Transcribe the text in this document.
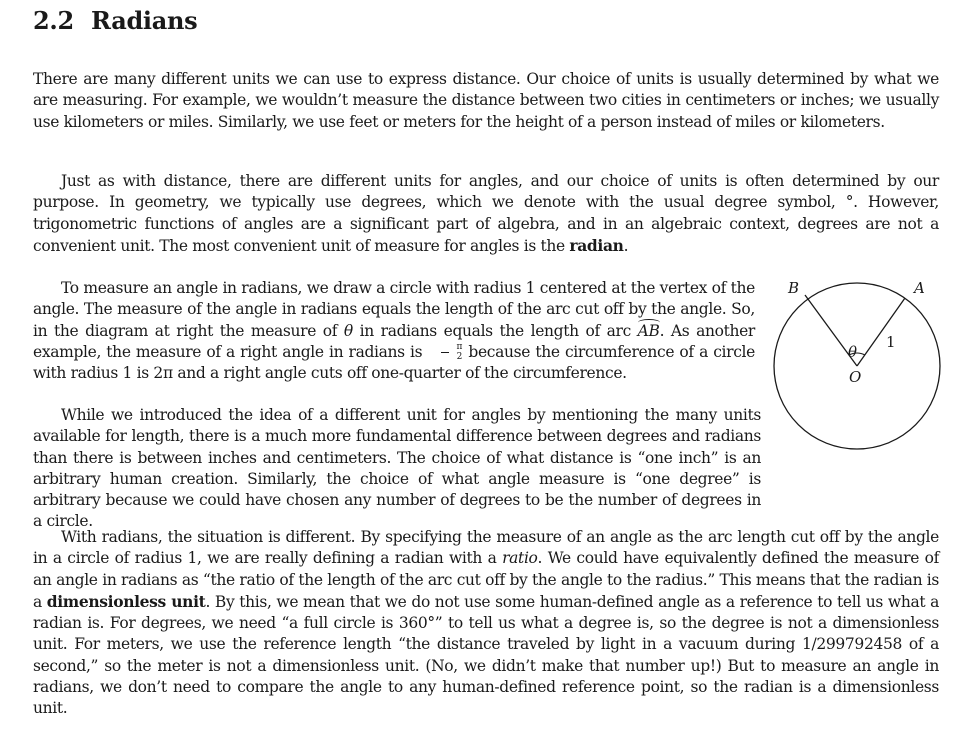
2.2 Radians

There are many different units we can use to express distance. Our choice of units is usually determined by what we are measuring. For example, we wouldn’t measure the distance between two cities in centimeters or inches; we usually use kilometers or miles. Similarly, we use feet or meters for the height of a person instead of miles or kilometers.

Just as with distance, there are different units for angles, and our choice of units is often determined by our purpose. In geometry, we typically use degrees, which we denote with the usual degree symbol, °. However, trigonometric functions of angles are a significant part of algebra, and in an algebraic context, degrees are not a convenient unit. The most convenient unit of measure for angles is the radian.

To measure an angle in radians, we draw a circle with radius 1 centered at the vertex of the angle. The measure of the angle in radians equals the length of the arc cut off by the angle. So, in the diagram at right the measure of θ in radians equals the length of arc AB. As another example, the measure of a right angle in radians is $\frac{\pi}{2}$ because the circumference of a circle with radius 1 is 2π and a right angle cuts off one-quarter of the circumference.

While we introduced the idea of a different unit for angles by mentioning the many units available for length, there is a much more fundamental difference between degrees and radians than there is between inches and centimeters. The choice of what distance is “one inch” is an arbitrary human creation. Similarly, the choice of what angle measure is “one degree” is arbitrary because we could have chosen any number of degrees to be the number of degrees in a circle.

With radians, the situation is different. By specifying the measure of an angle as the arc length cut off by the angle in a circle of radius 1, we are really defining a radian with a ratio. We could have equivalently defined the measure of an angle in radians as “the ratio of the length of the arc cut off by the angle to the radius.” This means that the radian is a dimensionless unit. By this, we mean that we do not use some human-defined angle as a reference to tell us what a radian is. For degrees, we need “a full circle is 360°” to tell us what a degree is, so the degree is not a dimensionless unit. For meters, we use the reference length “the distance traveled by light in a vacuum during 1/299792458 of a second,” so the meter is not a dimensionless unit. (No, we didn’t make that number up!) But to measure an angle in radians, we don’t need to compare the angle to any human-defined reference point, so the radian is a dimensionless unit.

B	A
θ
1
O
